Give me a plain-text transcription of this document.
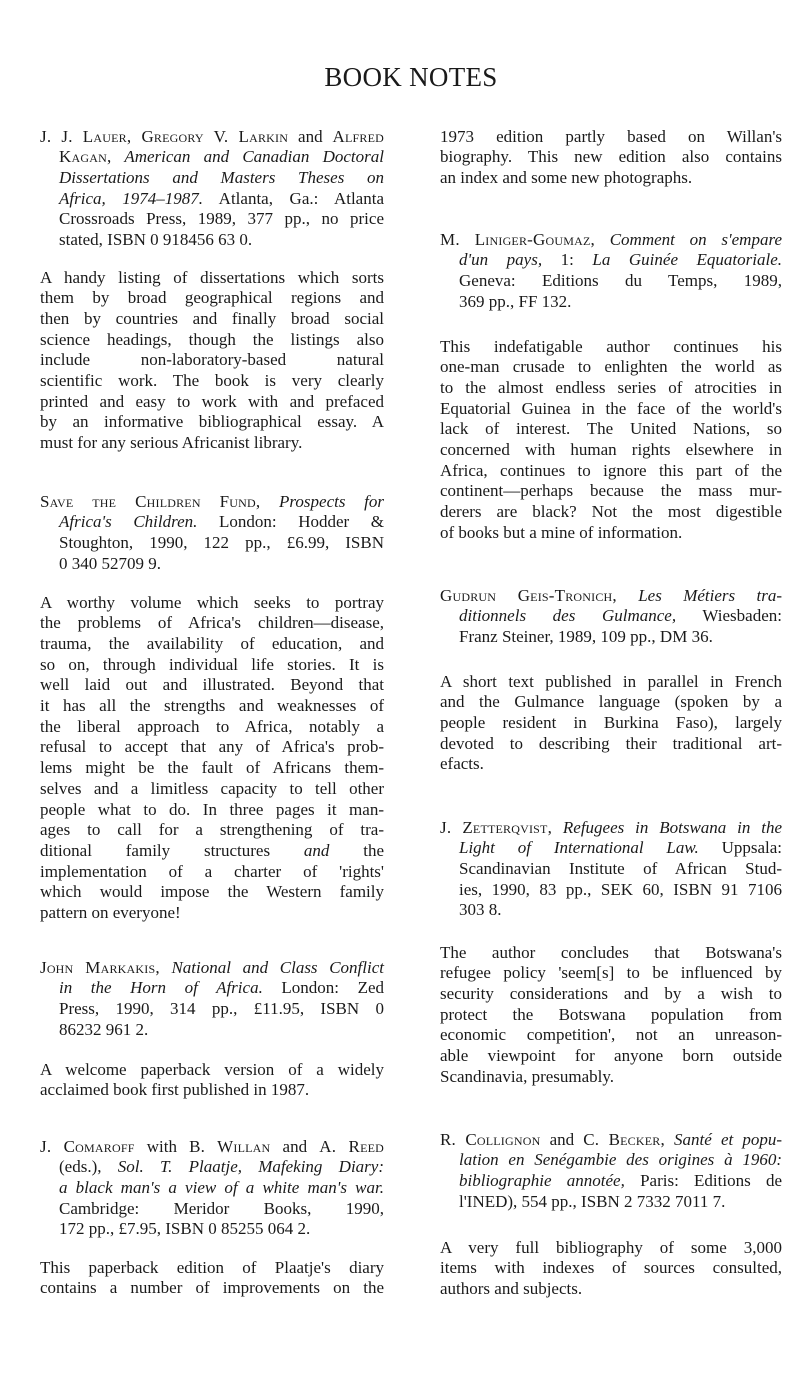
BOOK NOTES
J. J. Lauer, Gregory V. Larkin and Alfred
Kagan, American and Canadian Doctoral
Dissertations and Masters Theses on
Africa, 1974–1987. Atlanta, Ga.: Atlanta
Crossroads Press, 1989, 377 pp., no price
stated, ISBN 0 918456 63 0.
A handy listing of dissertations which sorts
them by broad geographical regions and
then by countries and finally broad social
science headings, though the listings also
include non-laboratory-based natural
scientific work. The book is very clearly
printed and easy to work with and prefaced
by an informative bibliographical essay. A
must for any serious Africanist library.
Save the Children Fund, Prospects for
Africa's Children. London: Hodder &
Stoughton, 1990, 122 pp., £6.99, ISBN
0 340 52709 9.
A worthy volume which seeks to portray
the problems of Africa's children—disease,
trauma, the availability of education, and
so on, through individual life stories. It is
well laid out and illustrated. Beyond that
it has all the strengths and weaknesses of
the liberal approach to Africa, notably a
refusal to accept that any of Africa's prob-
lems might be the fault of Africans them-
selves and a limitless capacity to tell other
people what to do. In three pages it man-
ages to call for a strengthening of tra-
ditional family structures and the
implementation of a charter of 'rights'
which would impose the Western family
pattern on everyone!
John Markakis, National and Class Conflict
in the Horn of Africa. London: Zed
Press, 1990, 314 pp., £11.95, ISBN 0
86232 961 2.
A welcome paperback version of a widely
acclaimed book first published in 1987.
J. Comaroff with B. Willan and A. Reed
(eds.), Sol. T. Plaatje, Mafeking Diary:
a black man's a view of a white man's war.
Cambridge: Meridor Books, 1990,
172 pp., £7.95, ISBN 0 85255 064 2.
This paperback edition of Plaatje's diary
contains a number of improvements on the
1973 edition partly based on Willan's
biography. This new edition also contains
an index and some new photographs.
M. Liniger-Goumaz, Comment on s'empare
d'un pays, 1: La Guinée Equatoriale.
Geneva: Editions du Temps, 1989,
369 pp., FF 132.
This indefatigable author continues his
one-man crusade to enlighten the world as
to the almost endless series of atrocities in
Equatorial Guinea in the face of the world's
lack of interest. The United Nations, so
concerned with human rights elsewhere in
Africa, continues to ignore this part of the
continent—perhaps because the mass mur-
derers are black? Not the most digestible
of books but a mine of information.
Gudrun Geis-Tronich, Les Métiers tra-
ditionnels des Gulmance, Wiesbaden:
Franz Steiner, 1989, 109 pp., DM 36.
A short text published in parallel in French
and the Gulmance language (spoken by a
people resident in Burkina Faso), largely
devoted to describing their traditional art-
efacts.
J. Zetterqvist, Refugees in Botswana in the
Light of International Law. Uppsala:
Scandinavian Institute of African Stud-
ies, 1990, 83 pp., SEK 60, ISBN 91 7106
303 8.
The author concludes that Botswana's
refugee policy 'seem[s] to be influenced by
security considerations and by a wish to
protect the Botswana population from
economic competition', not an unreason-
able viewpoint for anyone born outside
Scandinavia, presumably.
R. Collignon and C. Becker, Santé et popu-
lation en Senégambie des origines à 1960:
bibliographie annotée, Paris: Editions de
l'INED), 554 pp., ISBN 2 7332 7011 7.
A very full bibliography of some 3,000
items with indexes of sources consulted,
authors and subjects.
